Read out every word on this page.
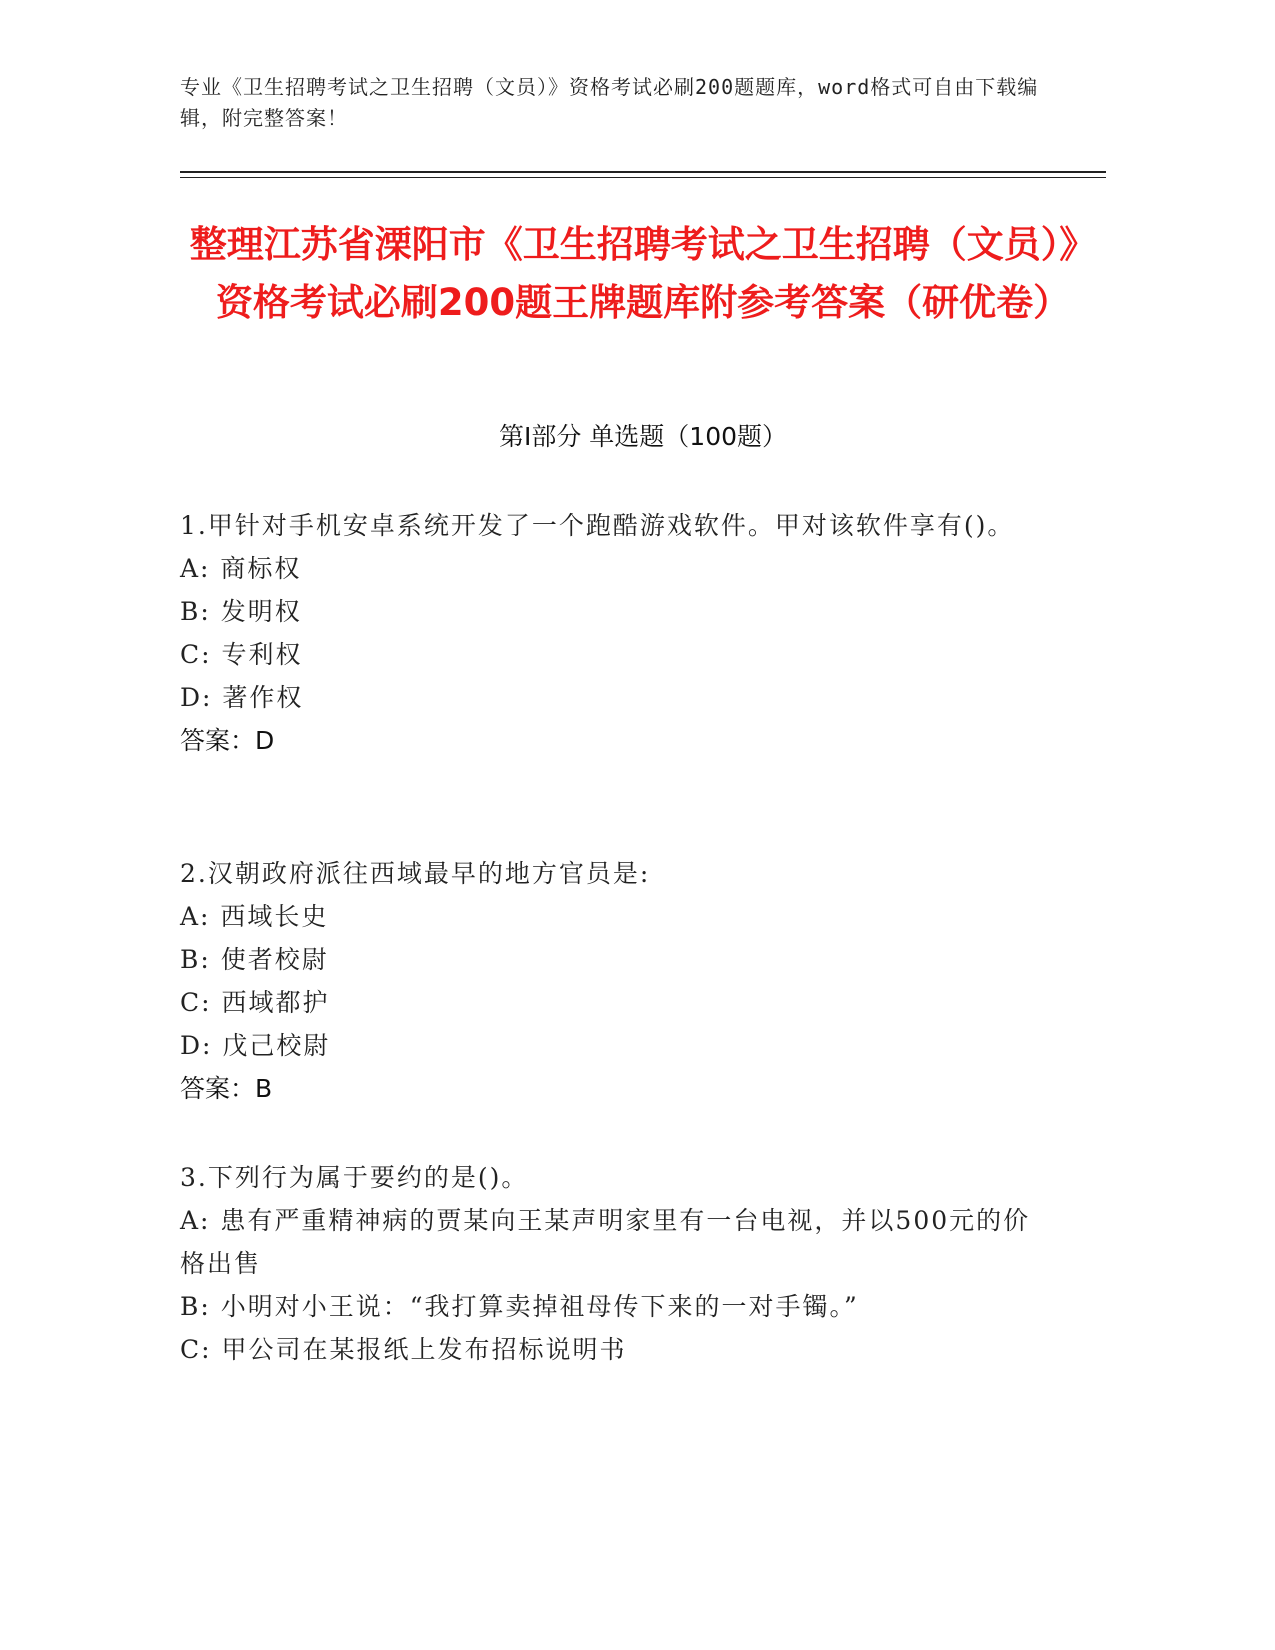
专业《卫生招聘考试之卫生招聘（文员）》资格考试必刷200题题库，word格式可自由下载编辑，附完整答案！
整理江苏省溧阳市《卫生招聘考试之卫生招聘（文员）》资格考试必刷200题王牌题库附参考答案（研优卷）
第Ⅰ部分 单选题（100题）
1.甲针对手机安卓系统开发了一个跑酷游戏软件。甲对该软件享有()。
A: 商标权
B: 发明权
C: 专利权
D: 著作权
答案：D
2.汉朝政府派往西域最早的地方官员是:
A: 西域长史
B: 使者校尉
C: 西域都护
D: 戊己校尉
答案：B
3.下列行为属于要约的是()。
A: 患有严重精神病的贾某向王某声明家里有一台电视，并以500元的价格出售
B: 小明对小王说：“我打算卖掉祖母传下来的一对手镯。”
C: 甲公司在某报纸上发布招标说明书
